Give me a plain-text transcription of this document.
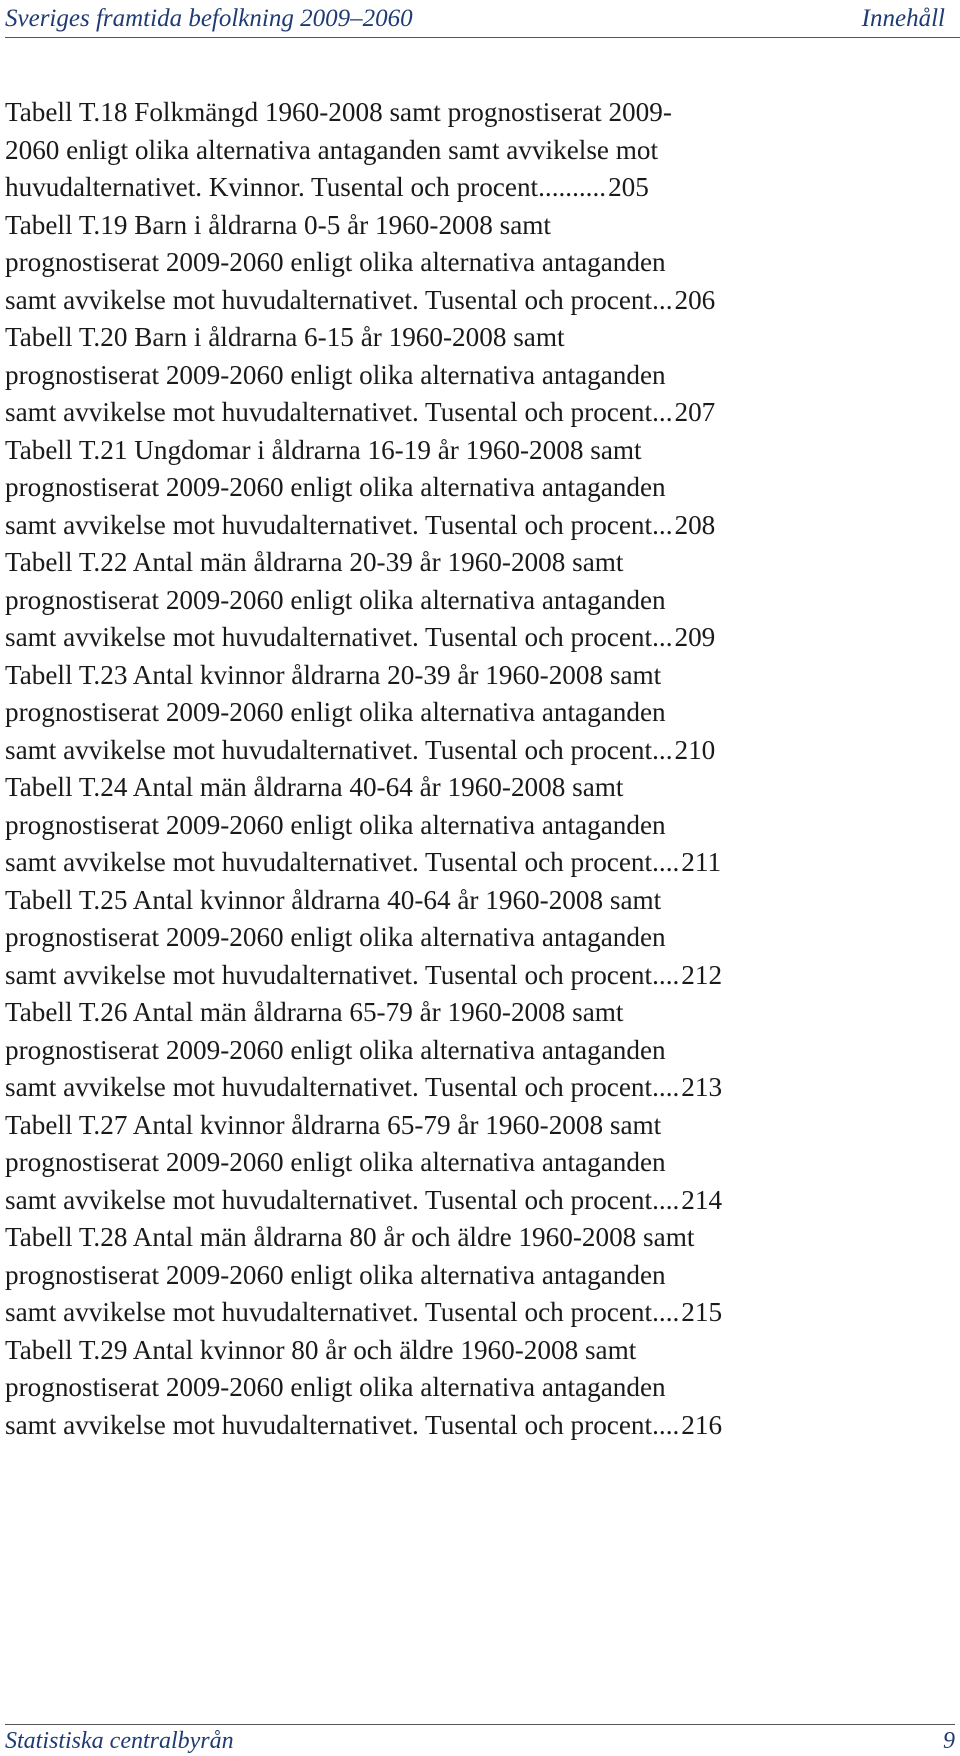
Sveriges framtida befolkning 2009–2060	Innehåll
Tabell T.18 Folkmängd 1960-2008 samt prognostiserat 2009-
2060 enligt olika alternativa antaganden samt avvikelse mot
huvudalternativet. Kvinnor. Tusental och procent .......... 205
Tabell T.19 Barn i åldrarna 0-5 år 1960-2008 samt
prognostiserat 2009-2060 enligt olika alternativa antaganden
samt avvikelse mot huvudalternativet. Tusental och procent ... 206
Tabell T.20 Barn i åldrarna 6-15 år 1960-2008 samt
prognostiserat 2009-2060 enligt olika alternativa antaganden
samt avvikelse mot huvudalternativet. Tusental och procent ... 207
Tabell T.21 Ungdomar i åldrarna 16-19 år 1960-2008 samt
prognostiserat 2009-2060 enligt olika alternativa antaganden
samt avvikelse mot huvudalternativet. Tusental och procent ... 208
Tabell T.22 Antal män åldrarna 20-39 år 1960-2008 samt
prognostiserat 2009-2060 enligt olika alternativa antaganden
samt avvikelse mot huvudalternativet. Tusental och procent ... 209
Tabell T.23 Antal kvinnor åldrarna 20-39 år 1960-2008 samt
prognostiserat 2009-2060 enligt olika alternativa antaganden
samt avvikelse mot huvudalternativet. Tusental och procent ... 210
Tabell T.24 Antal män åldrarna 40-64 år 1960-2008 samt
prognostiserat 2009-2060 enligt olika alternativa antaganden
samt avvikelse mot huvudalternativet. Tusental och procent .... 211
Tabell T.25 Antal kvinnor åldrarna 40-64 år 1960-2008 samt
prognostiserat 2009-2060 enligt olika alternativa antaganden
samt avvikelse mot huvudalternativet. Tusental och procent .... 212
Tabell T.26 Antal män åldrarna 65-79 år 1960-2008 samt
prognostiserat 2009-2060 enligt olika alternativa antaganden
samt avvikelse mot huvudalternativet. Tusental och procent .... 213
Tabell T.27 Antal kvinnor åldrarna 65-79 år 1960-2008 samt
prognostiserat 2009-2060 enligt olika alternativa antaganden
samt avvikelse mot huvudalternativet. Tusental och procent .... 214
Tabell T.28 Antal män åldrarna 80 år och äldre 1960-2008 samt
prognostiserat 2009-2060 enligt olika alternativa antaganden
samt avvikelse mot huvudalternativet. Tusental och procent .... 215
Tabell T.29 Antal kvinnor 80 år och äldre 1960-2008 samt
prognostiserat 2009-2060 enligt olika alternativa antaganden
samt avvikelse mot huvudalternativet. Tusental och procent .... 216
Statistiska centralbyrån	9
